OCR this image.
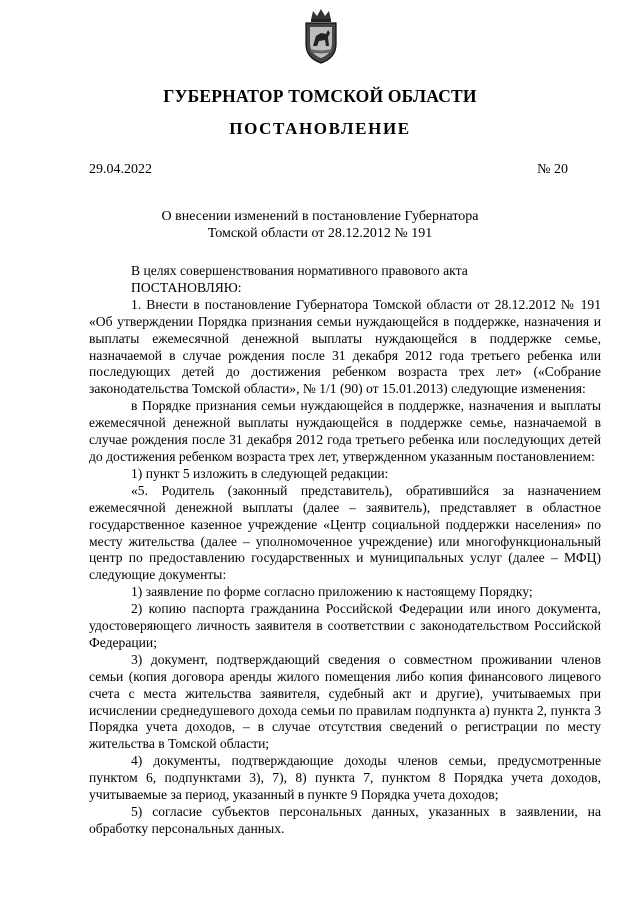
ГУБЕРНАТОР ТОМСКОЙ ОБЛАСТИ
ПОСТАНОВЛЕНИЕ
29.04.2022	№ 20
О внесении изменений в постановление Губернатора
Томской области от 28.12.2012 № 191

В целях совершенствования нормативного правового акта

ПОСТАНОВЛЯЮ:

1. Внести в постановление Губернатора Томской области от 28.12.2012 № 191 «Об утверждении Порядка признания семьи нуждающейся в поддержке, назначения и выплаты ежемесячной денежной выплаты нуждающейся в поддержке семье, назначаемой в случае рождения после 31 декабря 2012 года третьего ребенка или последующих детей до достижения ребенком возраста трех лет» («Собрание законодательства Томской области», № 1/1 (90) от 15.01.2013) следующие изменения:

в Порядке признания семьи нуждающейся в поддержке, назначения и выплаты ежемесячной денежной выплаты нуждающейся в поддержке семье, назначаемой в случае рождения после 31 декабря 2012 года третьего ребенка или последующих детей до достижения ребенком возраста трех лет, утвержденном указанным постановлением:

1) пункт 5 изложить в следующей редакции:

«5. Родитель (законный представитель), обратившийся за назначением ежемесячной денежной выплаты (далее – заявитель), представляет в областное государственное казенное учреждение «Центр социальной поддержки населения» по месту жительства (далее – уполномоченное учреждение) или многофункциональный центр по предоставлению государственных и муниципальных услуг (далее – МФЦ) следующие документы:

1) заявление по форме согласно приложению к настоящему Порядку;

2) копию паспорта гражданина Российской Федерации или иного документа, удостоверяющего личность заявителя в соответствии с законодательством Российской Федерации;

3) документ, подтверждающий сведения о совместном проживании членов семьи (копия договора аренды жилого помещения либо копия финансового лицевого счета с места жительства заявителя, судебный акт и другие), учитываемых при исчислении среднедушевого дохода семьи по правилам подпункта а) пункта 2, пункта 3 Порядка учета доходов, – в случае отсутствия сведений о регистрации по месту жительства в Томской области;

4) документы, подтверждающие доходы членов семьи, предусмотренные пунктом 6, подпунктами 3), 7), 8) пункта 7, пунктом 8 Порядка учета доходов, учитываемые за период, указанный в пункте 9 Порядка учета доходов;

5) согласие субъектов персональных данных, указанных в заявлении, на обработку персональных данных.
